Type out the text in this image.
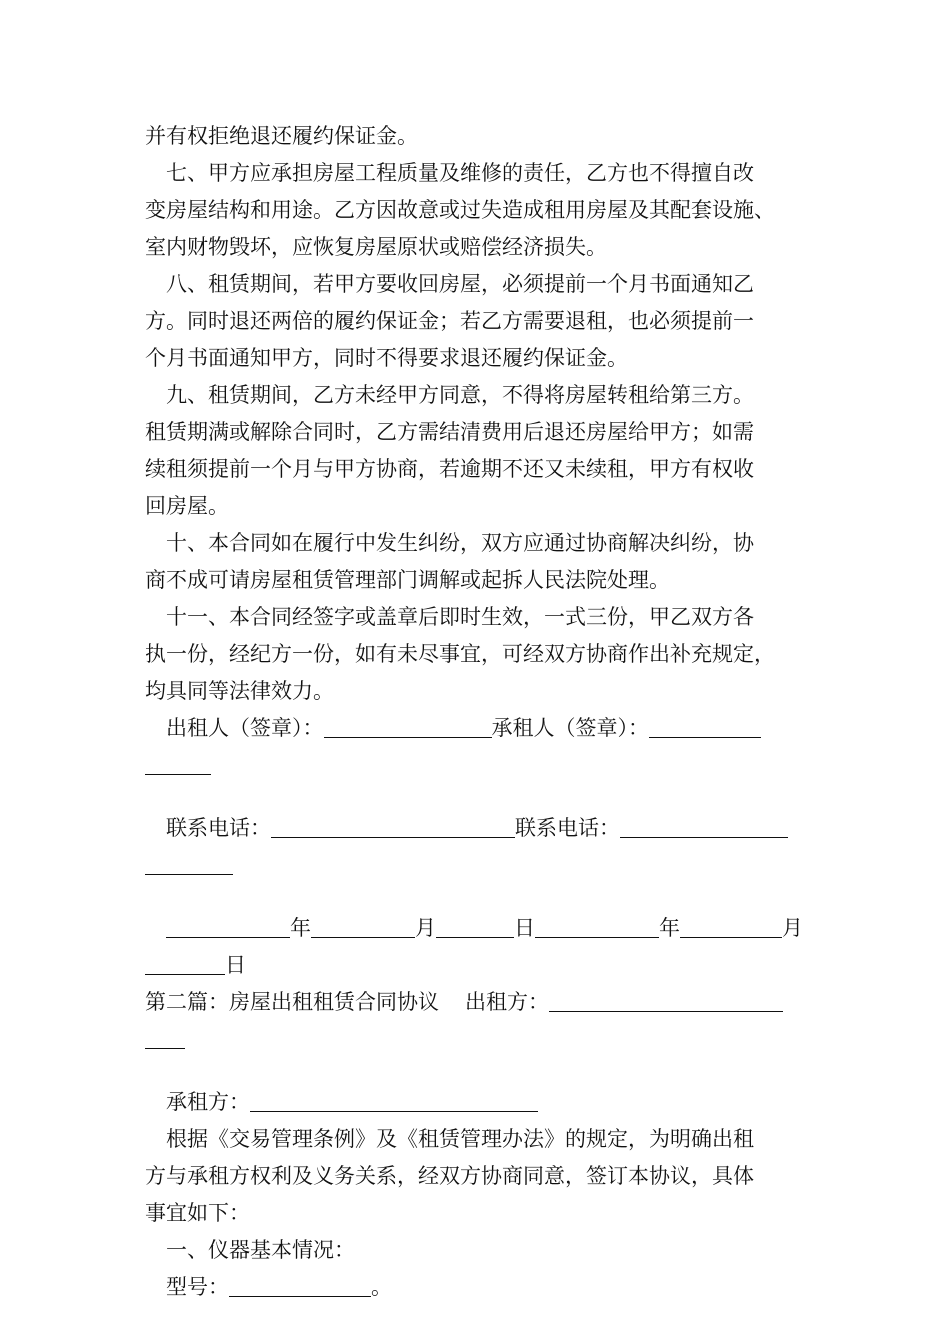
并有权拒绝退还履约保证金。
七、甲方应承担房屋工程质量及维修的责任，乙方也不得擅自改
变房屋结构和用途。乙方因故意或过失造成租用房屋及其配套设施、
室内财物毁坏，应恢复房屋原状或赔偿经济损失。
八、租赁期间，若甲方要收回房屋，必须提前一个月书面通知乙
方。同时退还两倍的履约保证金；若乙方需要退租，也必须提前一
个月书面通知甲方，同时不得要求退还履约保证金。
九、租赁期间，乙方未经甲方同意，不得将房屋转租给第三方。
租赁期满或解除合同时，乙方需结清费用后退还房屋给甲方；如需
续租须提前一个月与甲方协商，若逾期不还又未续租，甲方有权收
回房屋。
十、本合同如在履行中发生纠纷，双方应通过协商解决纠纷，协
商不成可请房屋租赁管理部门调解或起拆人民法院处理。
十一、本合同经签字或盖章后即时生效，一式三份，甲乙双方各
执一份，经纪方一份，如有未尽事宜，可经双方协商作出补充规定，
均具同等法律效力。
出租人（签章）：	承租人（签章）：
联系电话：	联系电话：
年	月	日	年	月
日
第二篇：房屋出租租赁合同协议 出租方：
承租方：
根据《交易管理条例》及《租赁管理办法》的规定，为明确出租
方与承租方权利及义务关系，经双方协商同意，签订本协议，具体
事宜如下：
一、仪器基本情况：
型号：	。
